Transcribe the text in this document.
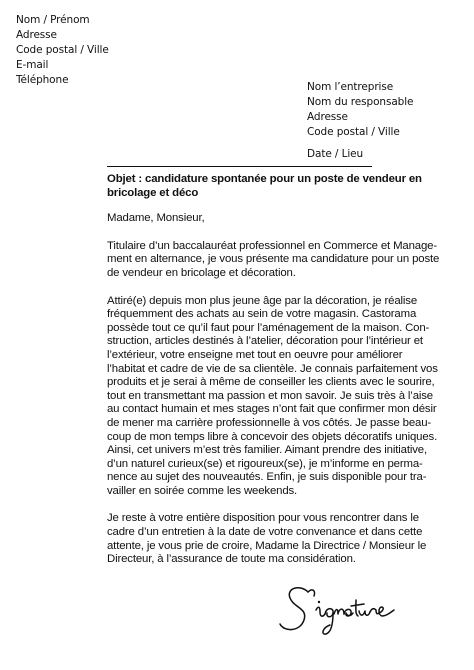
Nom / Prénom
Adresse
Code postal / Ville
E-mail
Téléphone
Nom l’entreprise
Nom du responsable
Adresse
Code postal / Ville
Date / Lieu
Objet : candidature spontanée pour un poste de vendeur en
bricolage et déco
Madame, Monsieur,
Titulaire d’un baccalauréat professionnel en Commerce et Manage-
ment en alternance, je vous présente ma candidature pour un poste
de vendeur en bricolage et décoration.
Attiré(e) depuis mon plus jeune âge par la décoration, je réalise
fréquemment des achats au sein de votre magasin. Castorama
possède tout ce qu’il faut pour l’aménagement de la maison. Con-
struction, articles destinés à l’atelier, décoration pour l’intérieur et
l’extérieur, votre enseigne met tout en oeuvre pour améliorer
l’habitat et cadre de vie de sa clientèle. Je connais parfaitement vos
produits et je serai à même de conseiller les clients avec le sourire,
tout en transmettant ma passion et mon savoir. Je suis très à l’aise
au contact humain et mes stages n’ont fait que confirmer mon désir
de mener ma carrière professionnelle à vos côtés. Je passe beau-
coup de mon temps libre à concevoir des objets décoratifs uniques.
Ainsi, cet univers m’est très familier. Aimant prendre des initiative,
d’un naturel curieux(se) et rigoureux(se), je m’informe en perma-
nence au sujet des nouveautés. Enfin, je suis disponible pour tra-
vailler en soirée comme les weekends.
Je reste à votre entière disposition pour vous rencontrer dans le
cadre d’un entretien à la date de votre convenance et dans cette
attente, je vous prie de croire, Madame la Directrice / Monsieur le
Directeur, à l’assurance de toute ma considération.
